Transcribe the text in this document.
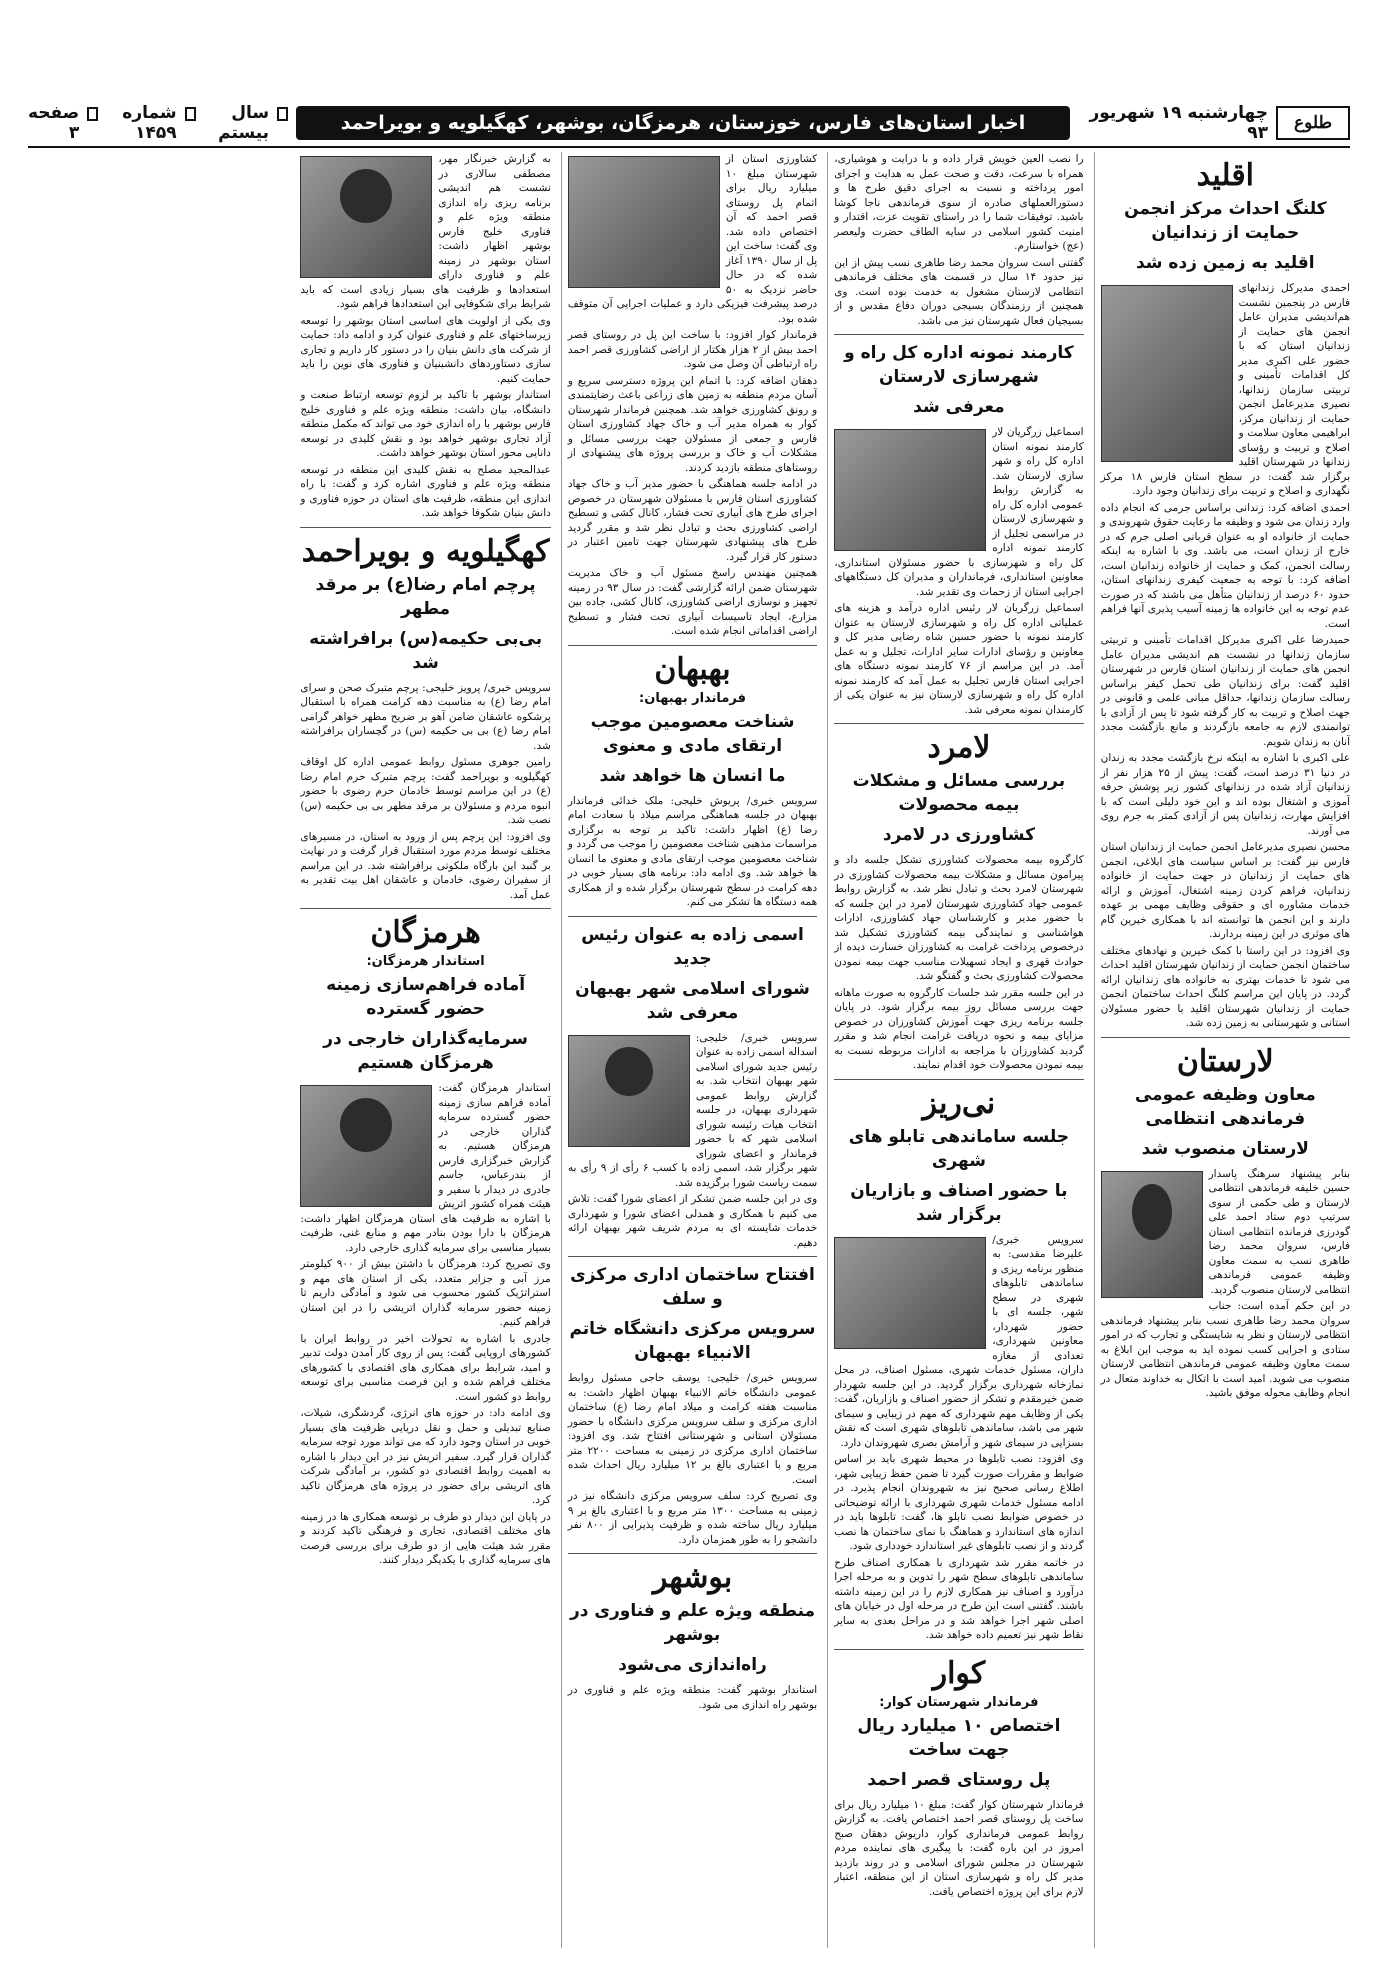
طلوع
چهارشنبه ۱۹ شهریور ۹۳
اخبار استان‌های فارس، خوزستان، هرمزگان، بوشهر، کهگیلویه و بویراحمد
سال بیستم
شماره ۱۴۵۹
صفحه ۳
اقلید
کلنگ احداث مرکز انجمن حمایت از زندانیان
اقلید به زمین زده شد

احمدی مدیرکل زندانهای فارس در پنجمین نشست هم‌اندیشی مدیران عامل انجمن های حمایت از زندانیان استان که با حضور علی اکبری مدیر کل اقدامات تأمینی و تربیتی سازمان زندانها، نصیری مدیرعامل انجمن حمایت از زندانیان مرکز، ابراهیمی معاون سلامت و اصلاح و تربیت و رؤسای زندانها در شهرستان اقلید برگزار شد گفت: در سطح استان فارس ۱۸ مرکز نگهداری و اصلاح و تربیت برای زندانیان وجود دارد.

احمدی اضافه کرد: زندانی براساس جرمی که انجام داده وارد زندان می شود و وظیفه ما رعایت حقوق شهروندی و حمایت از خانواده او به عنوان قربانی اصلی جرم که در خارج از زندان است، می باشد. وی با اشاره به اینکه رسالت انجمن، کمک و حمایت از خانواده زندانیان است، اضافه کرد: با توجه به جمعیت کیفری زندانهای استان، حدود ۶۰ درصد از زندانیان متأهل می باشند که در صورت عدم توجه به این خانواده ها زمینه آسیب پذیری آنها فراهم است.

حمیدرضا علی اکبری مدیرکل اقدامات تأمینی و تربیتی سازمان زندانها در نشست هم اندیشی مدیران عامل انجمن های حمایت از زندانیان استان فارس در شهرستان اقلید گفت: برای زندانیان طی تحمل کیفر براساس رسالت سازمان زندانها، حداقل مبانی علمی و قانونی در جهت اصلاح و تربیت به کار گرفته شود تا پس از آزادی با توانمندی لازم به جامعه بازگردند و مانع بازگشت مجدد آنان به زندان شویم.

علی اکبری با اشاره به اینکه نرخ بازگشت مجدد به زندان در دنیا ۳۱ درصد است، گفت: پیش از ۲۵ هزار نفر از زندانیان آزاد شده در زندانهای کشور زیر پوشش حرفه آموزی و اشتغال بوده اند و این خود دلیلی است که با افزایش مهارت، زندانیان پس از آزادی کمتر به جرم روی می آورند.

محسن نصیری مدیرعامل انجمن حمایت از زندانیان استان فارس نیز گفت: بر اساس سیاست های ابلاغی، انجمن های حمایت از زندانیان در جهت حمایت از خانواده زندانیان، فراهم کردن زمینه اشتغال، آموزش و ارائه خدمات مشاوره ای و حقوقی وظایف مهمی بر عهده دارند و این انجمن ها توانسته اند با همکاری خیرین گام های موثری در این زمینه بردارند.

وی افزود: در این راستا با کمک خیرین و نهادهای مختلف ساختمان انجمن حمایت از زندانیان شهرستان اقلید احداث می شود تا خدمات بهتری به خانواده های زندانیان ارائه گردد. در پایان این مراسم کلنگ احداث ساختمان انجمن حمایت از زندانیان شهرستان اقلید با حضور مسئولان استانی و شهرستانی به زمین زده شد.

لارستان
معاون وظیفه عمومی فرماندهی انتظامی
لارستان منصوب شد

بنابر پیشنهاد سرهنگ پاسدار حسین خلیفه فرماندهی انتظامی لارستان و طی حکمی از سوی سرتیپ دوم ستاد احمد علی گودرزی فرمانده انتظامی استان فارس، سروان محمد رضا طاهری نسب به سمت معاون وظیفه عمومی فرماندهی انتظامی لارستان منصوب گردید.

در این حکم آمده است: جناب سروان محمد رضا طاهری نسب بنابر پیشنهاد فرماندهی انتظامی لارستان و نظر به شایستگی و تجارب که در امور ستادی و اجرایی کسب نموده اید به موجب این ابلاغ به سمت معاون وظیفه عمومی فرماندهی انتظامی لارستان منصوب می شوید. امید است با اتکال به خداوند متعال در انجام وظایف محوله موفق باشید.

را نصب العین خویش قرار داده و با درایت و هوشیاری، همراه با سرعت، دقت و صحت عمل به هدایت و اجرای امور پرداخته و نسبت به اجرای دقیق طرح ها و دستورالعملهای صادره از سوی فرماندهی ناجا کوشا باشید. توفیقات شما را در راستای تقویت عزت، اقتدار و امنیت کشور اسلامی در سایه الطاف حضرت ولیعصر (عج) خواستارم.

گفتنی است سروان محمد رضا طاهری نسب پیش از این نیز حدود ۱۴ سال در قسمت های مختلف فرماندهی انتظامی لارستان مشغول به خدمت بوده است. وی همچنین از رزمندگان بسیجی دوران دفاع مقدس و از بسیجیان فعال شهرستان نیز می باشد.

کارمند نمونه اداره کل راه و شهرسازی لارستان
معرفی شد

اسماعیل زرگریان لار کارمند نمونه استان اداره کل راه و شهر سازی لارستان شد. به گزارش روابط عمومی اداره کل راه و شهرسازی لارستان در مراسمی تجلیل از کارمند نمونه اداره کل راه و شهرسازی با حضور مسئولان استانداری، معاونین استانداری، فرمانداران و مدیران کل دستگاههای اجرایی استان از زحمات وی تقدیر شد.

اسماعیل زرگریان لار رئیس اداره درآمد و هزینه های عملیاتی اداره کل راه و شهرسازی لارستان به عنوان کارمند نمونه با حضور حسین شاه رضایی مدیر کل و معاونین و رؤسای ادارات سایر ادارات، تجلیل و به عمل آمد. در این مراسم از ۷۶ کارمند نمونه دستگاه های اجرایی استان فارس تجلیل به عمل آمد که کارمند نمونه اداره کل راه و شهرسازی لارستان نیز به عنوان یکی از کارمندان نمونه معرفی شد.

لامرد
بررسی مسائل و مشکلات بیمه محصولات
کشاورزی در لامرد

کارگروه بیمه محصولات کشاورزی تشکل جلسه داد و پیرامون مسائل و مشکلات بیمه محصولات کشاورزی در شهرستان لامرد بحث و تبادل نظر شد. به گزارش روابط عمومی جهاد کشاورزی شهرستان لامرد در این جلسه که با حضور مدیر و کارشناسان جهاد کشاورزی، ادارات هواشناسی و نمایندگی بیمه کشاورزی تشکیل شد درخصوص پرداخت غرامت به کشاورزان خسارت دیده از حوادث قهری و ایجاد تسهیلات مناسب جهت بیمه نمودن محصولات کشاورزی بحث و گفتگو شد.

در این جلسه مقرر شد جلسات کارگروه به صورت ماهانه جهت بررسی مسائل روز بیمه برگزار شود. در پایان جلسه برنامه ریزی جهت آموزش کشاورزان در خصوص مزایای بیمه و نحوه دریافت غرامت انجام شد و مقرر گردید کشاورزان با مراجعه به ادارات مربوطه نسبت به بیمه نمودن محصولات خود اقدام نمایند.

نی‌ریز
جلسه ساماندهی تابلو های شهری
با حضور اصناف و بازاریان برگزار شد

سرویس خبری/ علیرضا مقدسی: به منظور برنامه ریزی و ساماندهی تابلوهای شهری در سطح شهر، جلسه ای با حضور شهردار، معاونین شهرداری، تعدادی از مغازه داران، مسئول خدمات شهری، مسئول اصناف، در محل نمازخانه شهرداری برگزار گردید. در این جلسه شهردار ضمن خیرمقدم و تشکر از حضور اصناف و بازاریان، گفت: یکی از وظایف مهم شهرداری که مهم در زیبایی و سیمای شهر می باشد، ساماندهی تابلوهای شهری است که نقش بسزایی در سیمای شهر و آرامش بصری شهروندان دارد.

وی افزود: نصب تابلوها در محیط شهری باید بر اساس ضوابط و مقررات صورت گیرد تا ضمن حفظ زیبایی شهر، اطلاع رسانی صحیح نیز به شهروندان انجام پذیرد. در ادامه مسئول خدمات شهری شهرداری با ارائه توضیحاتی در خصوص ضوابط نصب تابلو ها، گفت: تابلوها باید در اندازه های استاندارد و هماهنگ با نمای ساختمان ها نصب گردند و از نصب تابلوهای غیر استاندارد خودداری شود.

در خاتمه مقرر شد شهرداری با همکاری اصناف طرح ساماندهی تابلوهای سطح شهر را تدوین و به مرحله اجرا درآورد و اصناف نیز همکاری لازم را در این زمینه داشته باشند. گفتنی است این طرح در مرحله اول در خیابان های اصلی شهر اجرا خواهد شد و در مراحل بعدی به سایر نقاط شهر نیز تعمیم داده خواهد شد.

کوار
فرماندار شهرستان کوار:
اختصاص ۱۰ میلیارد ریال جهت ساخت
پل روستای قصر احمد

فرماندار شهرستان کوار گفت: مبلغ ۱۰ میلیارد ریال برای ساخت پل روستای قصر احمد اختصاص یافت. به گزارش روابط عمومی فرمانداری کوار، داریوش دهقان صبح امروز در این باره گفت: با پیگیری های نماینده مردم شهرستان در مجلس شورای اسلامی و در روند بازدید مدیر کل راه و شهرسازی استان از این منطقه، اعتبار لازم برای این پروژه اختصاص یافت.

کشاورزی استان از شهرستان مبلغ ۱۰ میلیارد ریال برای اتمام پل روستای قصر احمد که آن اختصاص داده شد. وی گفت: ساخت این پل از سال ۱۳۹۰ آغاز شده که در حال حاضر نزدیک به ۵۰ درصد پیشرفت فیزیکی دارد و عملیات اجرایی آن متوقف شده بود.

فرماندار کوار افزود: با ساخت این پل در روستای قصر احمد بیش از ۲ هزار هکتار از اراضی کشاورزی قصر احمد راه ارتباطی آن وصل می شود.

دهقان اضافه کرد: با اتمام این پروژه دسترسی سریع و آسان مردم منطقه به زمین های زراعی باعث رضایتمندی و رونق کشاورزی خواهد شد. همچنین فرماندار شهرستان کوار به همراه مدیر آب و خاک جهاد کشاورزی استان فارس و جمعی از مسئولان جهت بررسی مسائل و مشکلات آب و خاک و بررسی پروژه های پیشنهادی از روستاهای منطقه بازدید کردند.

در ادامه جلسه هماهنگی با حضور مدیر آب و خاک جهاد کشاورزی استان فارس با مسئولان شهرستان در خصوص اجرای طرح های آبیاری تحت فشار، کانال کشی و تسطیح اراضی کشاورزی بحث و تبادل نظر شد و مقرر گردید طرح های پیشنهادی شهرستان جهت تامین اعتبار در دستور کار قرار گیرد.

همچنین مهندس راسخ مسئول آب و خاک مدیریت شهرستان ضمن ارائه گزارشی گفت: در سال ۹۳ در زمینه تجهیز و نوسازی اراضی کشاورزی، کانال کشی، جاده بین مزارع، ایجاد تاسیسات آبیاری تحت فشار و تسطیح اراضی اقداماتی انجام شده است.

بهبهان
فرماندار بهبهان:
شناخت معصومین موجب ارتقای مادی و معنوی
ما انسان ها خواهد شد

سرویس خبری/ پریوش خلیجی: ملک خدائی فرماندار بهبهان در جلسه هماهنگی مراسم میلاد با سعادت امام رضا (ع) اظهار داشت: تاکید بر توجه به برگزاری مراسمات مذهبی شناخت معصومین را موجب می گردد و شناخت معصومین موجب ارتقای مادی و معنوی ما انسان ها خواهد شد. وی ادامه داد: برنامه های بسیار خوبی در دهه کرامت در سطح شهرستان برگزار شده و از همکاری همه دستگاه ها تشکر می کنم.

اسمی زاده به عنوان رئیس جدید
شورای اسلامی شهر بهبهان معرفی شد

سرویس خبری/ خلیجی: اسداله اسمی زاده به عنوان رئیس جدید شورای اسلامی شهر بهبهان انتخاب شد. به گزارش روابط عمومی شهرداری بهبهان، در جلسه انتخاب هیات رئیسه شورای اسلامی شهر که با حضور فرماندار و اعضای شورای شهر برگزار شد، اسمی زاده با کسب ۶ رأی از ۹ رأی به سمت ریاست شورا برگزیده شد.

وی در این جلسه ضمن تشکر از اعضای شورا گفت: تلاش می کنیم با همکاری و همدلی اعضای شورا و شهرداری خدمات شایسته ای به مردم شریف شهر بهبهان ارائه دهیم.

افتتاح ساختمان اداری مرکزی و سلف
سرویس مرکزی دانشگاه خاتم الانبیاء بهبهان

سرویس خبری/ خلیجی: یوسف حاجی مسئول روابط عمومی دانشگاه خاتم الانبیاء بهبهان اظهار داشت: به مناسبت هفته کرامت و میلاد امام رضا (ع) ساختمان اداری مرکزی و سلف سرویس مرکزی دانشگاه با حضور مسئولان استانی و شهرستانی افتتاح شد. وی افزود: ساختمان اداری مرکزی در زمینی به مساحت ۲۲۰۰ متر مربع و با اعتباری بالغ بر ۱۲ میلیارد ریال احداث شده است.

وی تصریح کرد: سلف سرویس مرکزی دانشگاه نیز در زمینی به مساحت ۱۳۰۰ متر مربع و با اعتباری بالغ بر ۹ میلیارد ریال ساخته شده و ظرفیت پذیرایی از ۸۰۰ نفر دانشجو را به طور همزمان دارد.

بوشهر
منطقه ویژه علم و فناوری در بوشهر
راه‌اندازی می‌شود

استاندار بوشهر گفت: منطقه ویژه علم و فناوری در بوشهر راه اندازی می شود.

به گزارش خبرنگار مهر، مصطفی سالاری در نشست هم اندیشی برنامه ریزی راه اندازی منطقه ویژه علم و فناوری خلیج فارس بوشهر اظهار داشت: استان بوشهر در زمینه علم و فناوری دارای استعدادها و ظرفیت های بسیار زیادی است که باید شرایط برای شکوفایی این استعدادها فراهم شود.

وی یکی از اولویت های اساسی استان بوشهر را توسعه زیرساختهای علم و فناوری عنوان کرد و ادامه داد: حمایت از شرکت های دانش بنیان را در دستور کار داریم و تجاری سازی دستاوردهای دانشبنیان و فناوری های نوین را باید حمایت کنیم.

استاندار بوشهر با تاکید بر لزوم توسعه ارتباط صنعت و دانشگاه، بیان داشت: منطقه ویژه علم و فناوری خلیج فارس بوشهر با راه اندازی خود می تواند که مکمل منطقه آزاد تجاری بوشهر خواهد بود و نقش کلیدی در توسعه دانایی محور استان بوشهر خواهد داشت.

عبدالمجید مصلح به نقش کلیدی این منطقه در توسعه منطقه ویژه علم و فناوری اشاره کرد و گفت: با راه اندازی این منطقه، ظرفیت های استان در حوزه فناوری و دانش بنیان شکوفا خواهد شد.

کهگیلویه و بویراحمد
پرچم امام رضا(ع) بر مرقد مطهر
بی‌بی حکیمه(س) برافراشته شد

سرویس خبری/ پرویز خلیجی: پرچم متبرک صحن و سرای امام رضا (ع) به مناسبت دهه کرامت همراه با استقبال پرشکوه عاشقان ضامن آهو بر ضریح مطهر خواهر گرامی امام رضا (ع) بی بی حکیمه (س) در گچساران برافراشته شد.

رامین جوهری مسئول روابط عمومی اداره کل اوقاف کهگیلویه و بویراحمد گفت: پرچم متبرک حرم امام رضا (ع) در این مراسم توسط خادمان حرم رضوی با حضور انبوه مردم و مسئولان بر مرقد مطهر بی بی حکیمه (س) نصب شد.

وی افزود: این پرچم پس از ورود به استان، در مسیرهای مختلف توسط مردم مورد استقبال قرار گرفت و در نهایت بر گنبد این بارگاه ملکوتی برافراشته شد. در این مراسم از سفیران رضوی، خادمان و عاشقان اهل بیت تقدیر به عمل آمد.

هرمزگان
استاندار هرمزگان:
آماده فراهم‌سازی زمینه حضور گسترده
سرمایه‌گذاران خارجی در هرمزگان هستیم

استاندار هرمزگان گفت: آماده فراهم سازی زمینه حضور گسترده سرمایه گذاران خارجی در هرمزگان هستیم. به گزارش خبرگزاری فارس از بندرعباس، جاسم جادری در دیدار با سفیر و هیئت همراه کشور اتریش با اشاره به ظرفیت های استان هرمزگان اظهار داشت: هرمزگان با دارا بودن بنادر مهم و منابع غنی، ظرفیت بسیار مناسبی برای سرمایه گذاری خارجی دارد.

وی تصریح کرد: هرمزگان با داشتن بیش از ۹۰۰ کیلومتر مرز آبی و جزایر متعدد، یکی از استان های مهم و استراتژیک کشور محسوب می شود و آمادگی داریم تا زمینه حضور سرمایه گذاران اتریشی را در این استان فراهم کنیم.

جادری با اشاره به تحولات اخیر در روابط ایران با کشورهای اروپایی گفت: پس از روی کار آمدن دولت تدبیر و امید، شرایط برای همکاری های اقتصادی با کشورهای مختلف فراهم شده و این فرصت مناسبی برای توسعه روابط دو کشور است.

وی ادامه داد: در حوزه های انرژی، گردشگری، شیلات، صنایع تبدیلی و حمل و نقل دریایی ظرفیت های بسیار خوبی در استان وجود دارد که می تواند مورد توجه سرمایه گذاران قرار گیرد. سفیر اتریش نیز در این دیدار با اشاره به اهمیت روابط اقتصادی دو کشور، بر آمادگی شرکت های اتریشی برای حضور در پروژه های هرمزگان تاکید کرد.

در پایان این دیدار دو طرف بر توسعه همکاری ها در زمینه های مختلف اقتصادی، تجاری و فرهنگی تاکید کردند و مقرر شد هیئت هایی از دو طرف برای بررسی فرصت های سرمایه گذاری با یکدیگر دیدار کنند.
